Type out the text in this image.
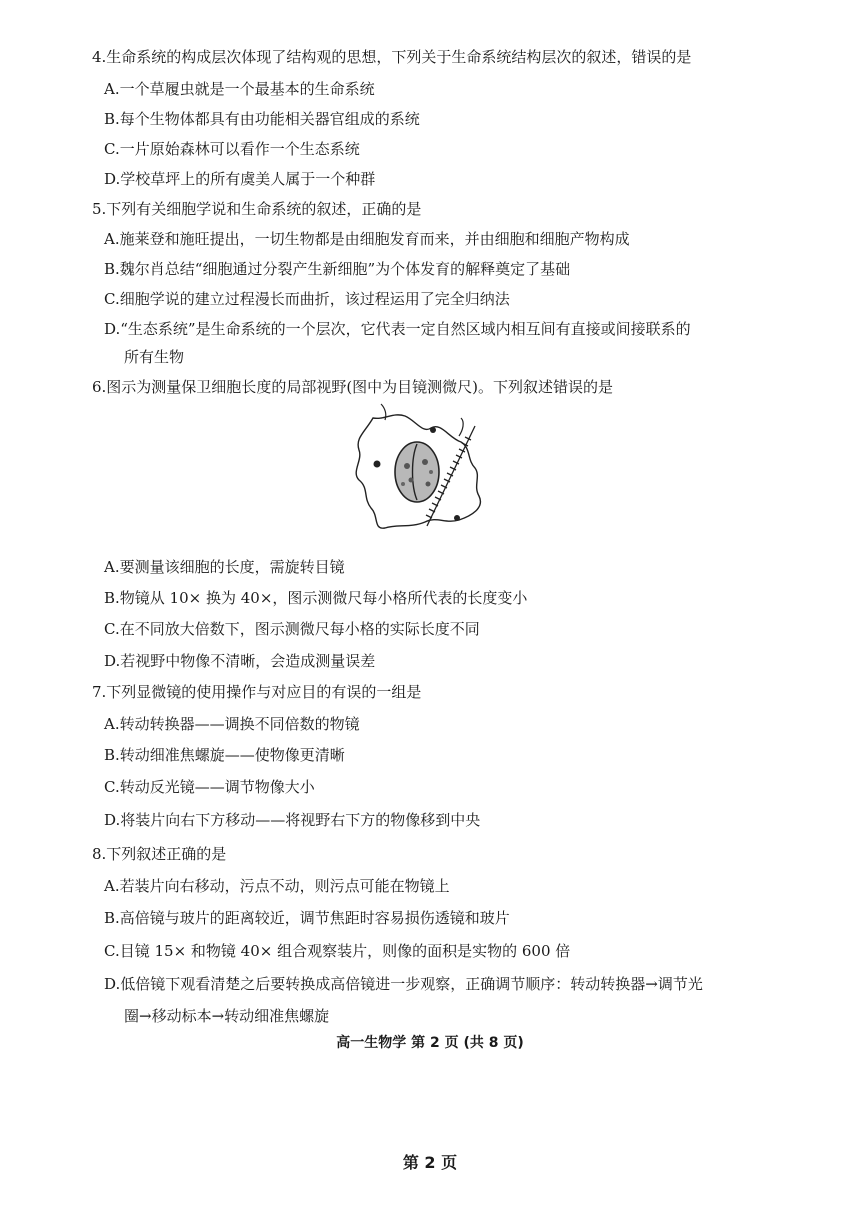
4.生命系统的构成层次体现了结构观的思想，下列关于生命系统结构层次的叙述，错误的是
A.一个草履虫就是一个最基本的生命系统
B.每个生物体都具有由功能相关器官组成的系统
C.一片原始森林可以看作一个生态系统
D.学校草坪上的所有虞美人属于一个种群
5.下列有关细胞学说和生命系统的叙述，正确的是
A.施莱登和施旺提出，一切生物都是由细胞发育而来，并由细胞和细胞产物构成
B.魏尔肖总结“细胞通过分裂产生新细胞”为个体发育的解释奠定了基础
C.细胞学说的建立过程漫长而曲折，该过程运用了完全归纳法
D.“生态系统”是生命系统的一个层次，它代表一定自然区域内相互间有直接或间接联系的
所有生物
6.图示为测量保卫细胞长度的局部视野(图中为目镜测微尺)。下列叙述错误的是
A.要测量该细胞的长度，需旋转目镜
B.物镜从 10× 换为 40×，图示测微尺每小格所代表的长度变小
C.在不同放大倍数下，图示测微尺每小格的实际长度不同
D.若视野中物像不清晰，会造成测量误差
7.下列显微镜的使用操作与对应目的有误的一组是
A.转动转换器——调换不同倍数的物镜
B.转动细准焦螺旋——使物像更清晰
C.转动反光镜——调节物像大小
D.将装片向右下方移动——将视野右下方的物像移到中央
8.下列叙述正确的是
A.若装片向右移动，污点不动，则污点可能在物镜上
B.高倍镜与玻片的距离较近，调节焦距时容易损伤透镜和玻片
C.目镜 15× 和物镜 40× 组合观察装片，则像的面积是实物的 600 倍
D.低倍镜下观看清楚之后要转换成高倍镜进一步观察，正确调节顺序：转动转换器→调节光
圈→移动标本→转动细准焦螺旋
高一生物学 第 2 页 (共 8 页)
第 2 页
